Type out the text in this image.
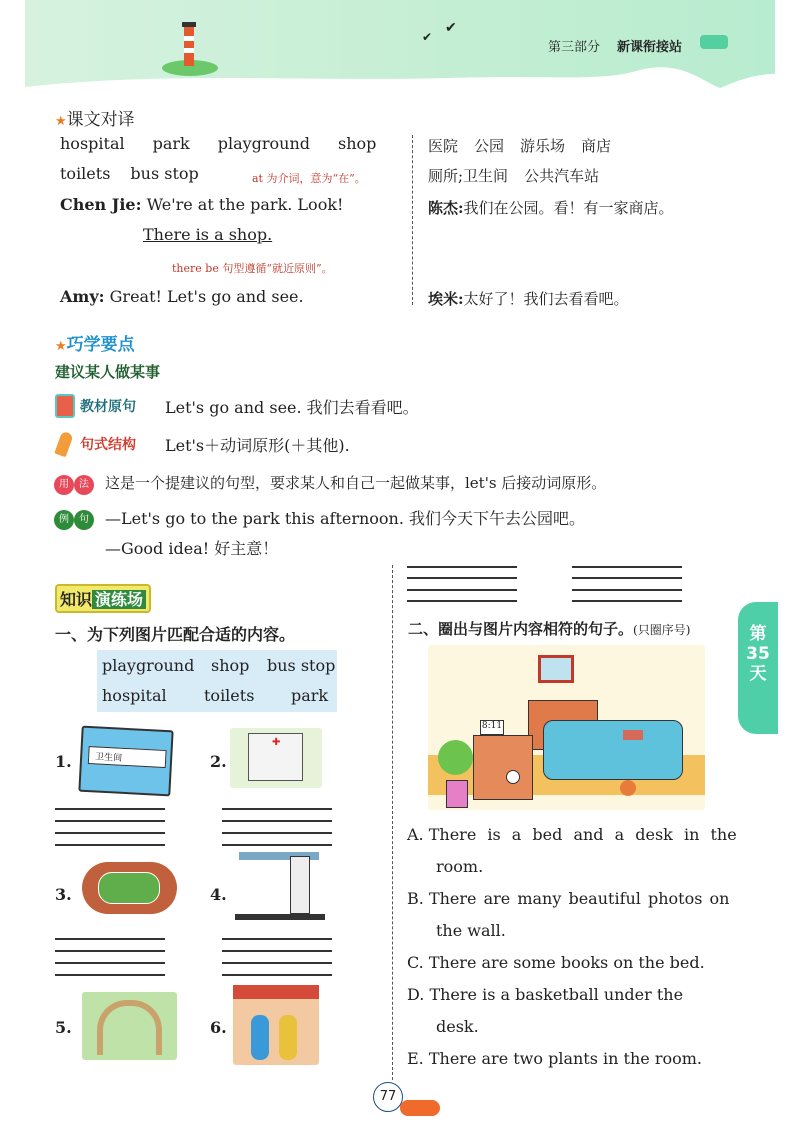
✔
✔
第三部分 新课衔接站
★课文对译
hospital park playground shop
toilets bus stop	at 为介词，意为“在”。
Chen Jie: We're at the park. Look!
There is a shop.
there be 句型遵循“就近原则”。
Amy: Great! Let's go and see.
医院 公园 游乐场 商店
厕所;卫生间 公共汽车站
陈杰:我们在公园。看！有一家商店。
埃米:太好了！我们去看看吧。
★巧学要点
建议某人做某事
教材原句 Let's go and see. 我们去看看吧。
句式结构 Let's＋动词原形(＋其他).
用 法	这是一个提建议的句型，要求某人和自己一起做某事，let's 后接动词原形。
例 句	—Let's go to the park this afternoon. 我们今天下午去公园吧。
—Good idea! 好主意！
知识 演练场
一、为下列图片匹配合适的内容。
playground shop bus stop
hospital toilets park
1.	卫生间	2.
✚
3.	4.
5.	6.
二、圈出与图片内容相符的句子。(只圈序号)
8:11
A. There is a bed and a desk in the
room.
B. There are many beautiful photos on
the wall.
C. There are some books on the bed.
D. There is a basketball under the
desk.
E. There are two plants in the room.
第
35
天
77
